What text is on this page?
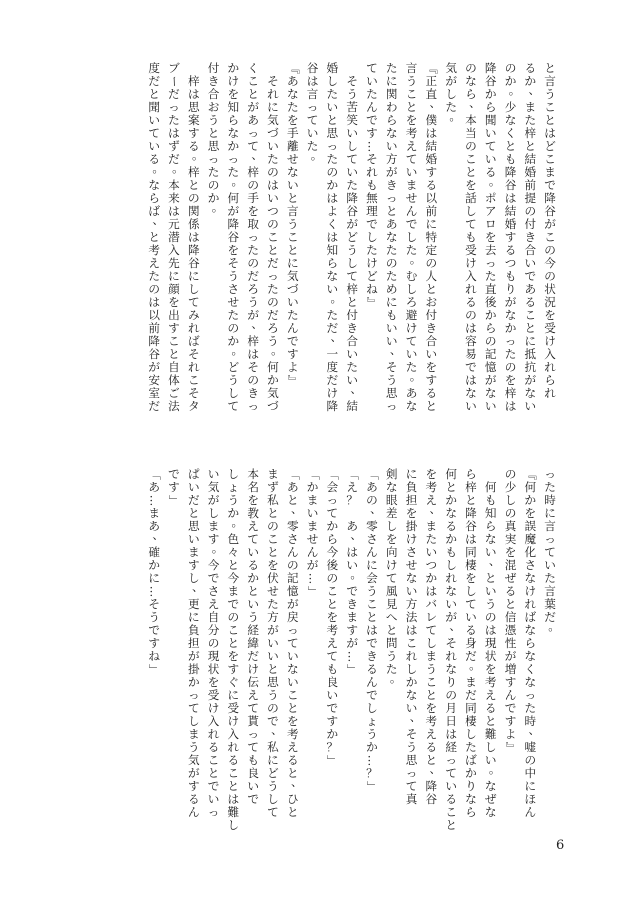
と
言
う
こ
と
は
ど
こ
ま
で
降
谷
が
こ
の
今
の
状
況
を
受
け
入
れ
ら
れ
る
か
、
ま
た
梓
と
結
婚
前
提
の
付
き
合
い
で
あ
る
こ
と
に
抵
抗
が
な
い
の
か
。
少
な
く
と
も
降
谷
は
結
婚
す
る
つ
も
り
が
な
か
っ
た
の
を
梓
は
降
谷
か
ら
聞
い
て
い
る
。
ポ
ア
ロ
を
去
っ
た
直
後
か
ら
の
記
憶
が
な
い
の
な
ら
、
本
当
の
こ
と
を
話
し
て
も
受
け
入
れ
る
の
は
容
易
で
は
な
い
気
が
し
た
。
『
正
直
、
僕
は
結
婚
す
る
以
前
に
特
定
の
人
と
お
付
き
合
い
を
す
る
と
言
う
こ
と
を
考
え
て
い
ま
せ
ん
で
し
た
。
む
し
ろ
避
け
て
い
た
。
あ
な
た
に
関
わ
ら
な
い
方
が
き
っ
と
あ
な
た
の
た
め
に
も
い
い
、
そ
う
思
っ
て
い
た
ん
で
す
…
そ
れ
も
無
理
で
し
た
け
ど
ね
』

そ
う
苦
笑
い
し
て
い
た
降
谷
が
ど
う
し
て
梓
と
付
き
合
い
た
い
、
結
婚
し
た
い
と
思
っ
た
の
か
は
よ
く
は
知
ら
な
い
。
た
だ
、
一
度
だ
け
降
谷
は
言
っ
て
い
た
。
『
あ
な
た
を
手
離
せ
な
い
と
言
う
こ
と
に
気
づ
い
た
ん
で
す
よ
』

そ
れ
に
気
づ
い
た
の
は
い
つ
の
こ
と
だ
っ
た
の
だ
ろ
う
。
何
か
気
づ
く
こ
と
が
あ
っ
て
、
梓
の
手
を
取
っ
た
の
だ
ろ
う
が
、
梓
は
そ
の
き
っ
か
け
を
知
ら
な
か
っ
た
。
何
が
降
谷
を
そ
う
さ
せ
た
の
か
。
ど
う
し
て
付
き
合
お
う
と
思
っ
た
の
か
。

梓
は
思
案
す
る
。
梓
と
の
関
係
は
降
谷
に
し
て
み
れ
ば
そ
れ
こ
そ
タ
ブ
ー
だ
っ
た
は
ず
だ
。
本
来
は
元
潜
入
先
に
顔
を
出
す
こ
と
自
体
ご
法
度
だ
と
聞
い
て
い
る
。
な
ら
ば
、
と
考
え
た
の
は
以
前
降
谷
が
安
室
だ
っ
た
時
に
言
っ
て
い
た
言
葉
だ
。
『
何
か
を
誤
魔
化
さ
な
け
れ
ば
な
ら
な
く
な
っ
た
時
、
嘘
の
中
に
ほ
ん
の
少
し
の
真
実
を
混
ぜ
る
と
信
憑
性
が
増
す
ん
で
す
よ
』

何
も
知
ら
な
い
、
と
い
う
の
は
現
状
を
考
え
る
と
難
し
い
。
な
ぜ
な
ら
梓
と
降
谷
は
同
棲
を
し
て
い
る
身
だ
。
ま
だ
同
棲
し
た
ば
か
り
な
ら
何
と
か
な
る
か
も
し
れ
な
い
が
、
そ
れ
な
り
の
月
日
は
経
っ
て
い
る
こ
と
を
考
え
、
ま
た
い
つ
か
は
バ
レ
て
し
ま
う
こ
と
を
考
え
る
と
、
降
谷
に
負
担
を
掛
け
さ
せ
な
い
方
法
は
こ
れ
し
か
な
い
、
そ
う
思
っ
て
真
剣
な
眼
差
し
を
向
け
て
風
見
へ
と
問
う
た
。
「
あ
の
、
零
さ
ん
に
会
う
こ
と
は
で
き
る
ん
で
し
ょ
う
か
…
？
」
「
え
？

あ
、
は
い
。
で
き
ま
す
が
…
」
「
会
っ
て
か
ら
今
後
の
こ
と
を
考
え
て
も
良
い
で
す
か
？
」
「
か
ま
い
ま
せ
ん
が
…
」
「
あ
と
、
零
さ
ん
の
記
憶
が
戻
っ
て
い
な
い
こ
と
を
考
え
る
と
、
ひ
と
ま
ず
私
と
の
こ
と
を
伏
せ
た
方
が
い
い
と
思
う
の
で
、
私
に
ど
う
し
て
本
名
を
教
え
て
い
る
か
と
い
う
経
緯
だ
け
伝
え
て
貰
っ
て
も
良
い
で
し
ょ
う
か
。
色
々
と
今
ま
で
の
こ
と
を
す
ぐ
に
受
け
入
れ
る
こ
と
は
難
し
い
気
が
し
ま
す
。
今
で
さ
え
自
分
の
現
状
を
受
け
入
れ
る
こ
と
で
い
っ
ぱ
い
だ
と
思
い
ま
す
し
、
更
に
負
担
が
掛
か
っ
て
し
ま
う
気
が
す
る
ん
で
す
」
「
あ
…
ま
あ
、
確
か
に
…
そ
う
で
す
ね
」
6
